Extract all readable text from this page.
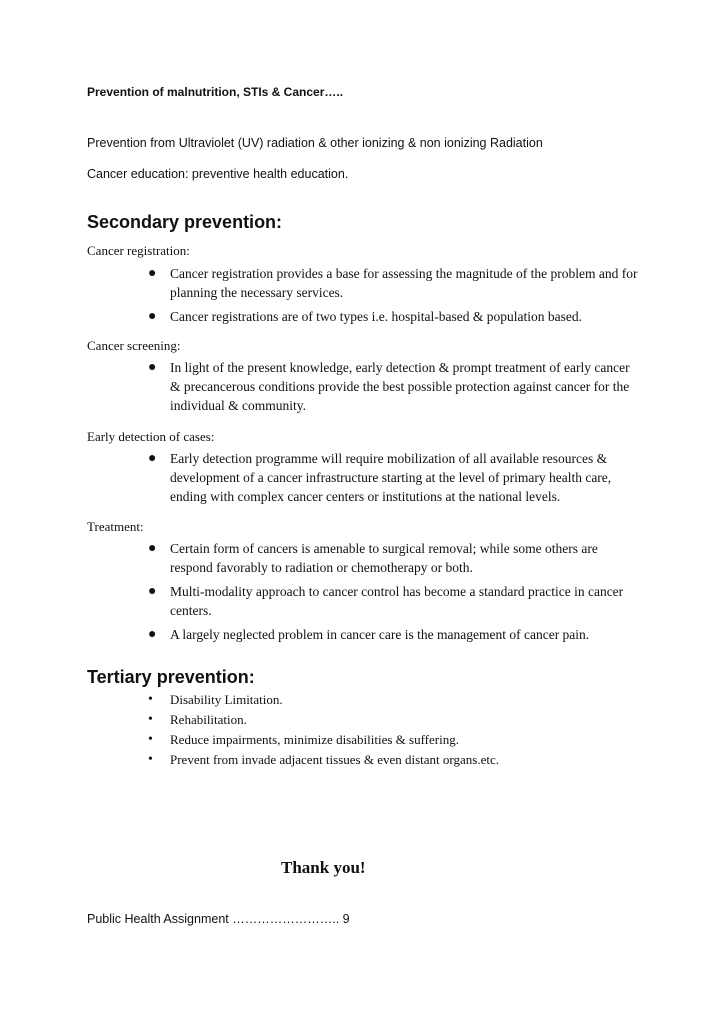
Prevention of malnutrition, STIs & Cancer…..
Prevention from Ultraviolet (UV) radiation & other ionizing & non ionizing Radiation
Cancer education: preventive health education.
Secondary prevention:
Cancer registration:
● Cancer registration provides a base for assessing the magnitude of the problem and for planning the necessary services.
● Cancer registrations are of two types i.e. hospital-based & population based.
Cancer screening:
● In light of the present knowledge, early detection & prompt treatment of early cancer & precancerous conditions provide the best possible protection against cancer for the individual & community.
Early detection of cases:
● Early detection programme will require mobilization of all available resources & development of a cancer infrastructure starting at the level of primary health care, ending with complex cancer centers or institutions at the national levels.
Treatment:
● Certain form of cancers is amenable to surgical removal; while some others are respond favorably to radiation or chemotherapy or both.
● Multi-modality approach to cancer control has become a standard practice in cancer centers.
● A largely neglected problem in cancer care is the management of cancer pain.
Tertiary prevention:
• Disability Limitation.
• Rehabilitation.
• Reduce impairments, minimize disabilities & suffering.
• Prevent from invade adjacent tissues & even distant organs.etc.
Thank you!
Public Health Assignment …………………….. 9
